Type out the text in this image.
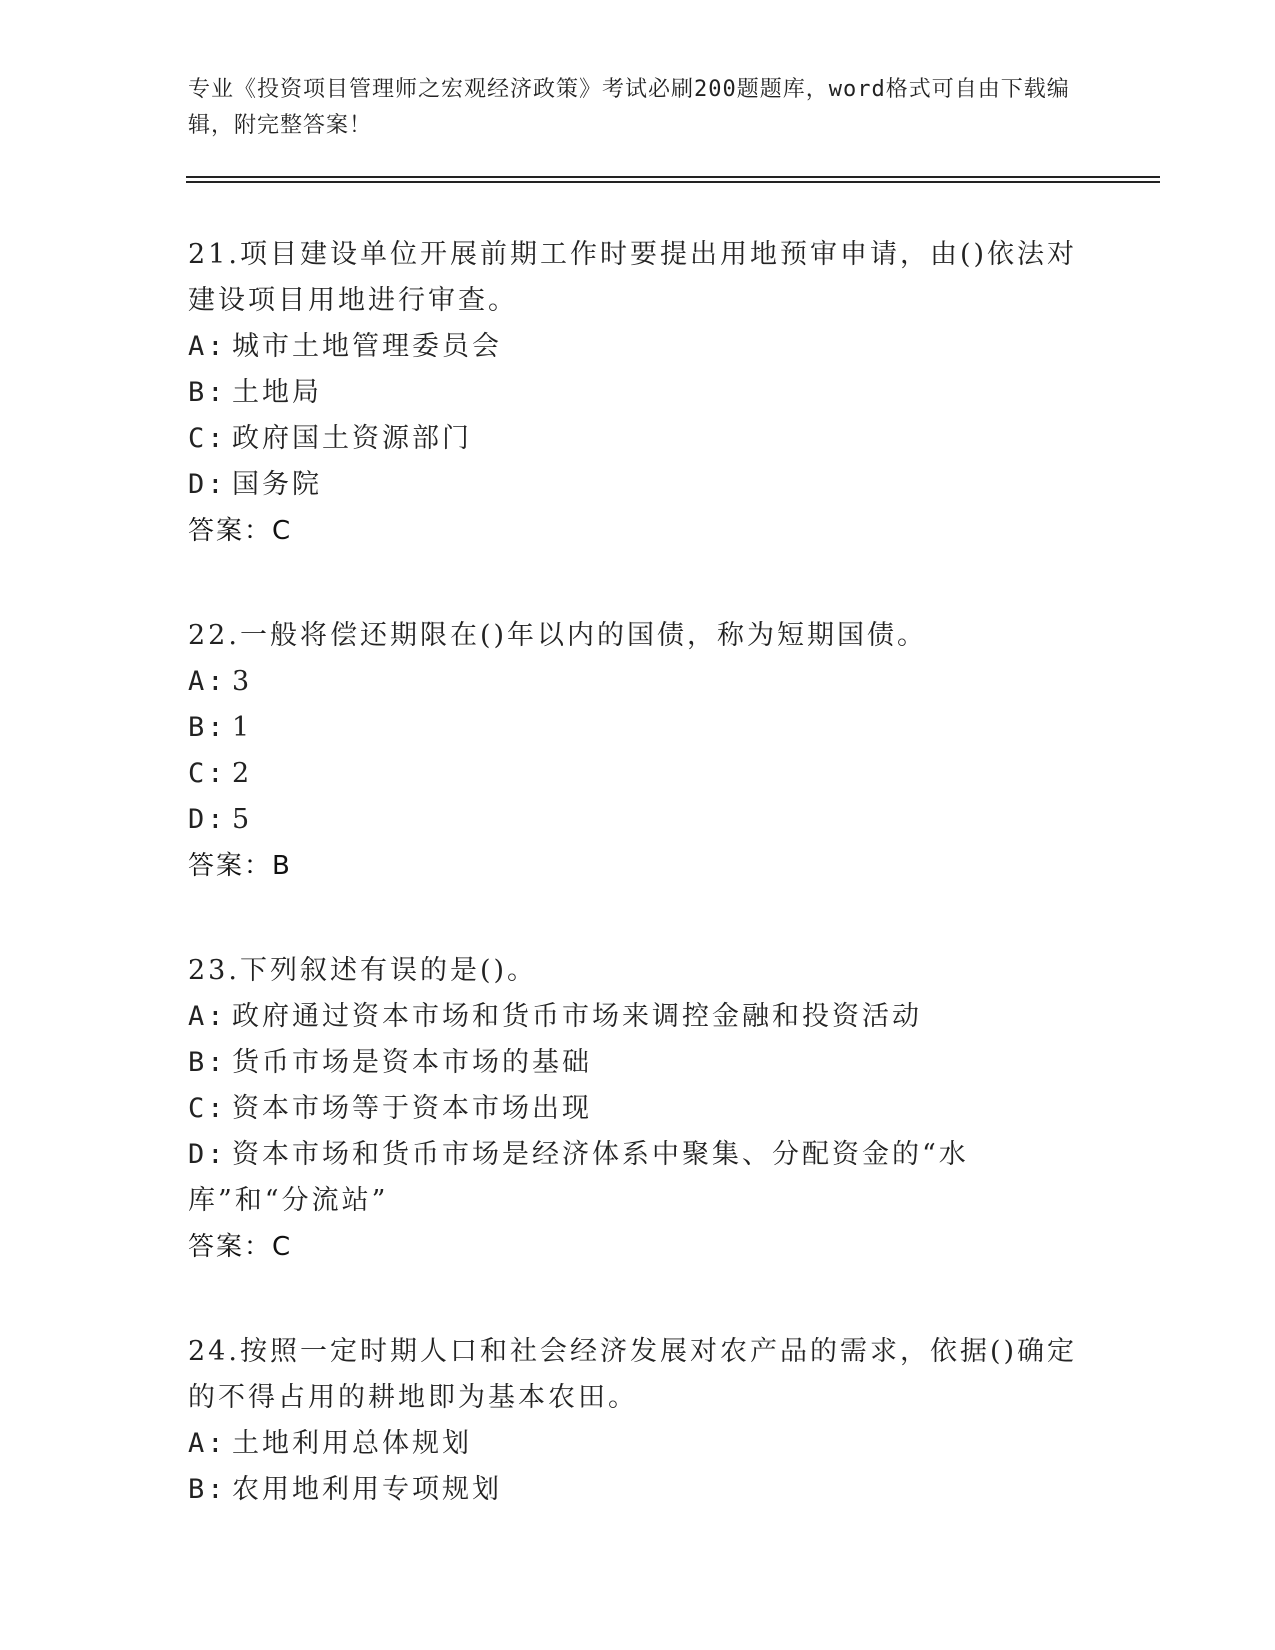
专业《投资项目管理师之宏观经济政策》考试必刷200题题库，word格式可自由下载编辑，附完整答案！
21.项目建设单位开展前期工作时要提出用地预审申请，由()依法对建设项目用地进行审查。
A: 城市土地管理委员会
B: 土地局
C: 政府国土资源部门
D: 国务院
答案：C
22.一般将偿还期限在()年以内的国债，称为短期国债。
A: 3
B: 1
C: 2
D: 5
答案：B
23.下列叙述有误的是()。
A: 政府通过资本市场和货币市场来调控金融和投资活动
B: 货币市场是资本市场的基础
C: 资本市场等于资本市场出现
D: 资本市场和货币市场是经济体系中聚集、分配资金的“水库”和“分流站”
答案：C
24.按照一定时期人口和社会经济发展对农产品的需求，依据()确定的不得占用的耕地即为基本农田。
A: 土地利用总体规划
B: 农用地利用专项规划
